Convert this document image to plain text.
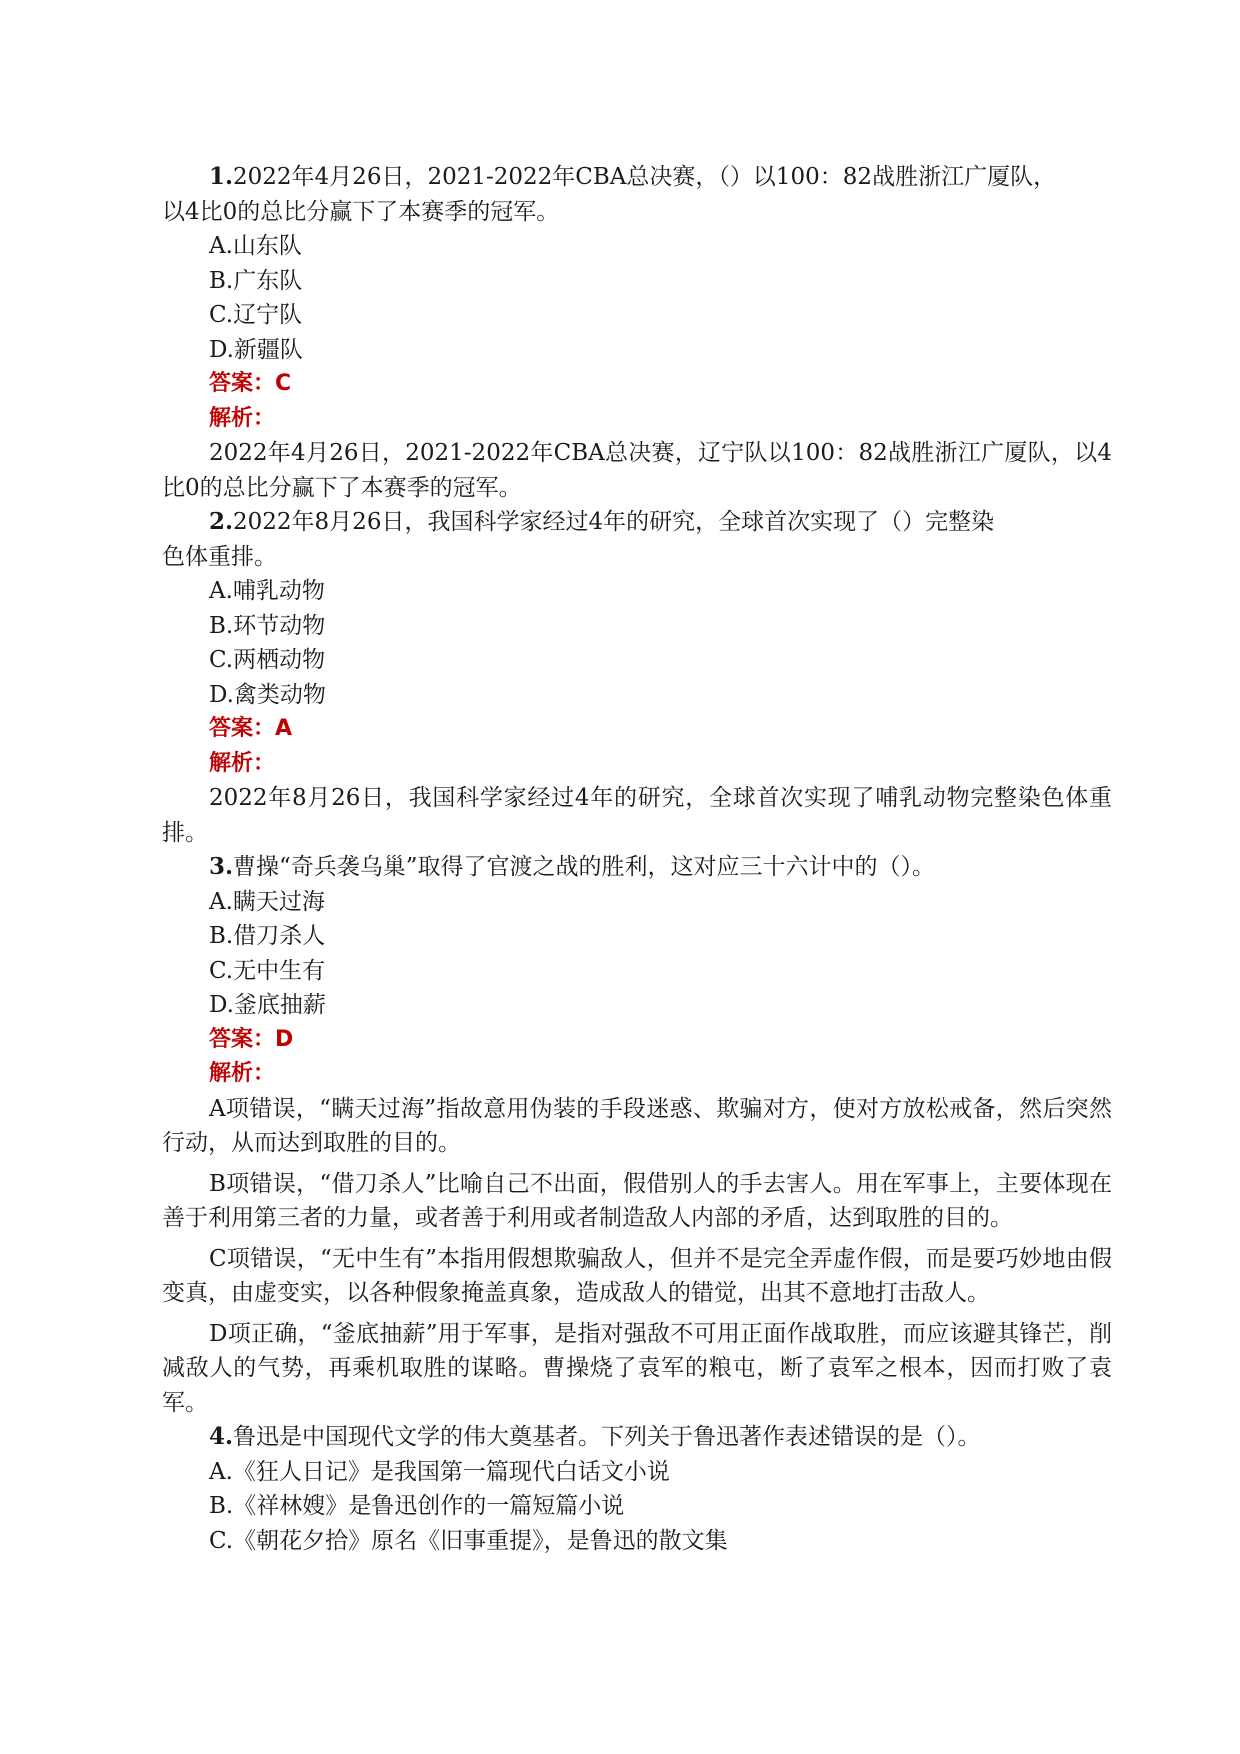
1.2022年4月26日，2021-2022年CBA总决赛，（）以100：82战胜浙江广厦队，
以4比0的总比分赢下了本赛季的冠军。
A.山东队
B.广东队
C.辽宁队
D.新疆队
答案：C
解析：
2022年4月26日，2021-2022年CBA总决赛，辽宁队以100：82战胜浙江广厦队，以4比0的总比分赢下了本赛季的冠军。
2.2022年8月26日，我国科学家经过4年的研究，全球首次实现了（）完整染
色体重排。
A.哺乳动物
B.环节动物
C.两栖动物
D.禽类动物
答案：A
解析：
2022年8月26日，我国科学家经过4年的研究，全球首次实现了哺乳动物完整染色体重排。
3.曹操“奇兵袭乌巢”取得了官渡之战的胜利，这对应三十六计中的（）。
A.瞒天过海
B.借刀杀人
C.无中生有
D.釜底抽薪
答案：D
解析：
A项错误，“瞒天过海”指故意用伪装的手段迷惑、欺骗对方，使对方放松戒备，然后突然行动，从而达到取胜的目的。
B项错误，“借刀杀人”比喻自己不出面，假借别人的手去害人。用在军事上，主要体现在善于利用第三者的力量，或者善于利用或者制造敌人内部的矛盾，达到取胜的目的。
C项错误，“无中生有”本指用假想欺骗敌人，但并不是完全弄虚作假，而是要巧妙地由假变真，由虚变实，以各种假象掩盖真象，造成敌人的错觉，出其不意地打击敌人。
D项正确，“釜底抽薪”用于军事，是指对强敌不可用正面作战取胜，而应该避其锋芒，削减敌人的气势，再乘机取胜的谋略。曹操烧了袁军的粮屯，断了袁军之根本，因而打败了袁军。
4.鲁迅是中国现代文学的伟大奠基者。下列关于鲁迅著作表述错误的是（）。
A.《狂人日记》是我国第一篇现代白话文小说
B.《祥林嫂》是鲁迅创作的一篇短篇小说
C.《朝花夕拾》原名《旧事重提》，是鲁迅的散文集
